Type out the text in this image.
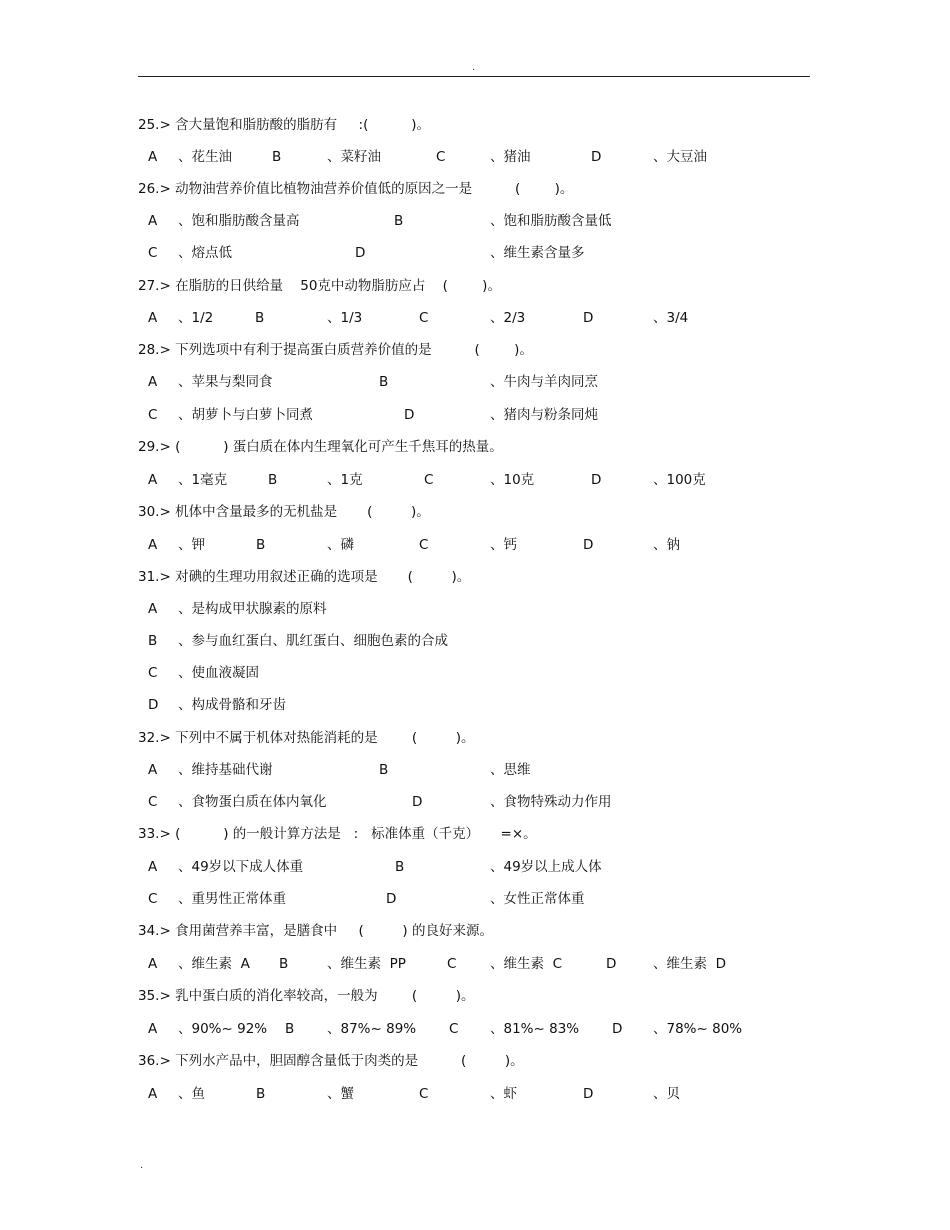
.
25.> 含大量饱和脂肪酸的脂肪有     :(          )。
A 、花生油	B	、菜籽油	C	、猪油	D	、大豆油
26.> 动物油营养价值比植物油营养价值低的原因之一是          (        )。
A 、饱和脂肪酸含量高	B	、饱和脂肪酸含量低
C 、熔点低	D	、维生素含量多
27.> 在脂肪的日供给量    50克中动物脂肪应占    (        )。
A 、1/2	B	、1/3	C	、2/3	D	、3/4
28.> 下列选项中有利于提高蛋白质营养价值的是          (        )。
A 、苹果与梨同食	B	、牛肉与羊肉同烹
C 、胡萝卜与白萝卜同煮	D	、猪肉与粉条同炖
29.> (          ) 蛋白质在体内生理氧化可产生千焦耳的热量。
A 、1毫克	B	、1克	C	、10克	D	、100克
30.> 机体中含量最多的无机盐是       (         )。
A 、钾	B	、磷	C	、钙	D	、钠
31.> 对碘的生理功用叙述正确的选项是       (         )。
A 、是构成甲状腺素的原料
B 、参与血红蛋白、肌红蛋白、细胞色素的合成
C 、使血液凝固
D 、构成骨骼和牙齿
32.> 下列中不属于机体对热能消耗的是        (         )。
A 、维持基础代谢	B	、思维
C 、食物蛋白质在体内氧化	D	、食物特殊动力作用
33.> (          ) 的一般计算方法是   :   标准体重（千克）     =×。
A 、49岁以下成人体重	B	、49岁以上成人体
C 、重男性正常体重	D	、女性正常体重
34.> 食用菌营养丰富，是膳食中     (         ) 的良好来源。
A 、维生素  A B	、维生素  PP	C 、维生素  C	D	、维生素  D
35.> 乳中蛋白质的消化率较高，一般为        (         )。
A 、90%~ 92% B 、87%~ 89% C 、81%~ 83% D 、78%~ 80%
36.> 下列水产品中，胆固醇含量低于肉类的是          (         )。
A 、鱼	B	、蟹	C	、虾	D	、贝
.
